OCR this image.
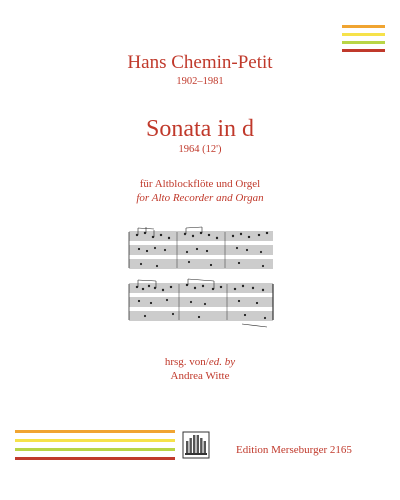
Hans Chemin-Petit
1902–1981
Sonata in d
1964 (12')
für Altblockflöte und Orgel
for Alto Recorder and Organ
hrsg. von/ed. by
Andrea Witte
Edition Merseburger 2165
